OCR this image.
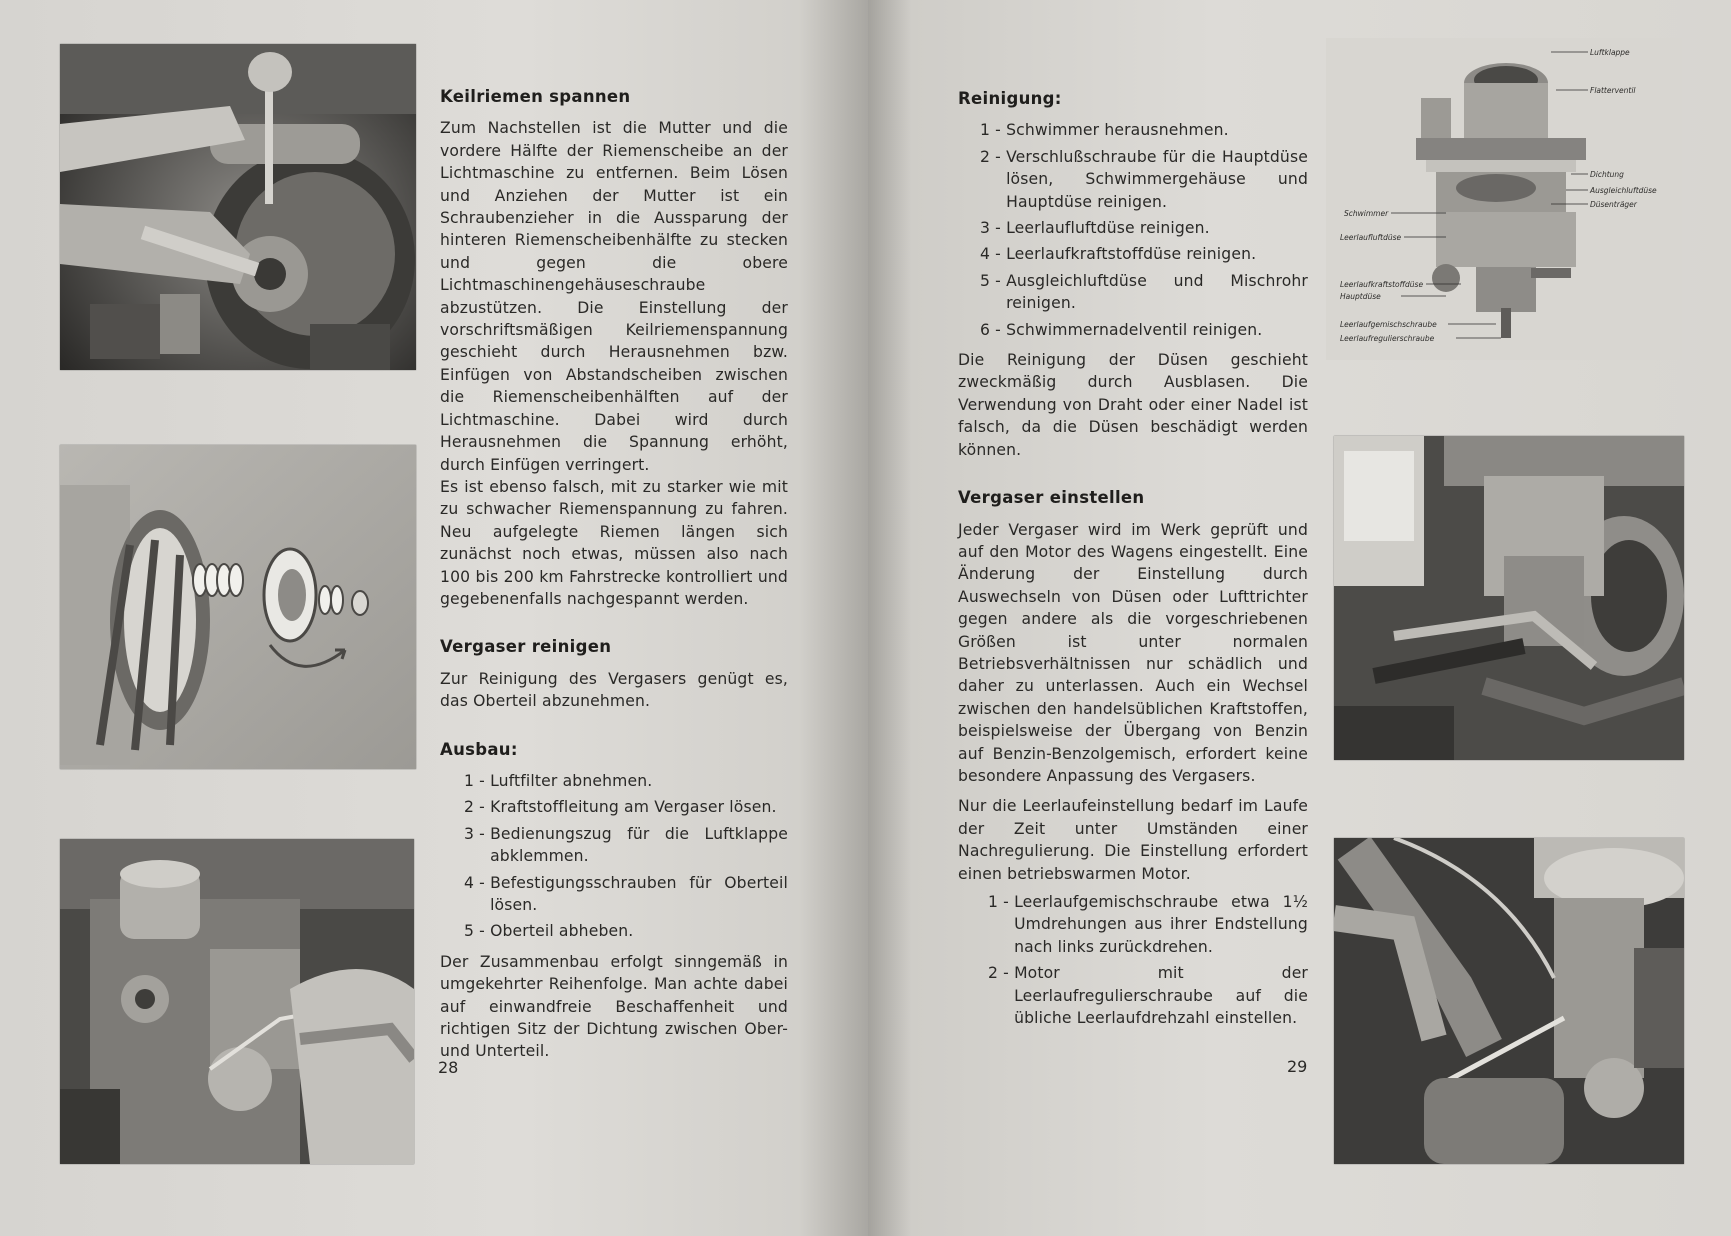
Keilriemen spannen

Zum Nachstellen ist die Mutter und die vordere Hälfte der Riemenscheibe an der Lichtmaschine zu entfernen. Beim Lösen und Anziehen der Mutter ist ein Schraubenzieher in die Aussparung der hinteren Riemenscheibenhälfte zu stecken und gegen die obere Lichtmaschinengehäuseschraube abzustützen. Die Einstellung der vorschriftsmäßigen Keilriemenspannung geschieht durch Herausnehmen bzw. Einfügen von Abstandscheiben zwischen die Riemenscheibenhälften auf der Lichtmaschine. Dabei wird durch Herausnehmen die Spannung erhöht, durch Einfügen verringert.

Es ist ebenso falsch, mit zu starker wie mit zu schwacher Riemenspannung zu fahren. Neu aufgelegte Riemen längen sich zunächst noch etwas, müssen also nach 100 bis 200 km Fahrstrecke kontrolliert und gegebenenfalls nachgespannt werden.

Vergaser reinigen

Zur Reinigung des Vergasers genügt es, das Oberteil abzunehmen.

Ausbau:
1 - Luftfilter abnehmen.
2 - Kraftstoffleitung am Vergaser lösen.
3 - Bedienungszug für die Luftklappe abklemmen.
4 - Befestigungsschrauben für Oberteil lösen.
5 - Oberteil abheben.

Der Zusammenbau erfolgt sinngemäß in umgekehrter Reihenfolge. Man achte dabei auf einwandfreie Beschaffenheit und richtigen Sitz der Dichtung zwischen Ober- und Unterteil.

28
Luftklappe
Flatterventil
Dichtung
Ausgleichluftdüse
Düsenträger
Schwimmer
Leerlaufluftdüse
Leerlaufkraftstoffdüse
Hauptdüse
Leerlaufgemischschraube
Leerlaufregulierschraube
Reinigung:
1 - Schwimmer herausnehmen.
2 - Verschlußschraube für die Hauptdüse lösen, Schwimmergehäuse und Hauptdüse reinigen.
3 - Leerlaufluftdüse reinigen.
4 - Leerlaufkraftstoffdüse reinigen.
5 - Ausgleichluftdüse und Mischrohr reinigen.
6 - Schwimmernadelventil reinigen.

Die Reinigung der Düsen geschieht zweckmäßig durch Ausblasen. Die Verwendung von Draht oder einer Nadel ist falsch, da die Düsen beschädigt werden können.

Vergaser einstellen

Jeder Vergaser wird im Werk geprüft und auf den Motor des Wagens eingestellt. Eine Änderung der Einstellung durch Auswechseln von Düsen oder Lufttrichter gegen andere als die vorgeschriebenen Größen ist unter normalen Betriebsverhältnissen nur schädlich und daher zu unterlassen. Auch ein Wechsel zwischen den handelsüblichen Kraftstoffen, beispielsweise der Übergang von Benzin auf Benzin-Benzolgemisch, erfordert keine besondere Anpassung des Vergasers.

Nur die Leerlaufeinstellung bedarf im Laufe der Zeit unter Umständen einer Nachregulierung. Die Einstellung erfordert einen betriebswarmen Motor.

1 - Leerlaufgemischschraube etwa 1½ Umdrehungen aus ihrer Endstellung nach links zurückdrehen.
2 - Motor mit der Leerlaufregulierschraube auf die übliche Leerlaufdrehzahl einstellen.
29
